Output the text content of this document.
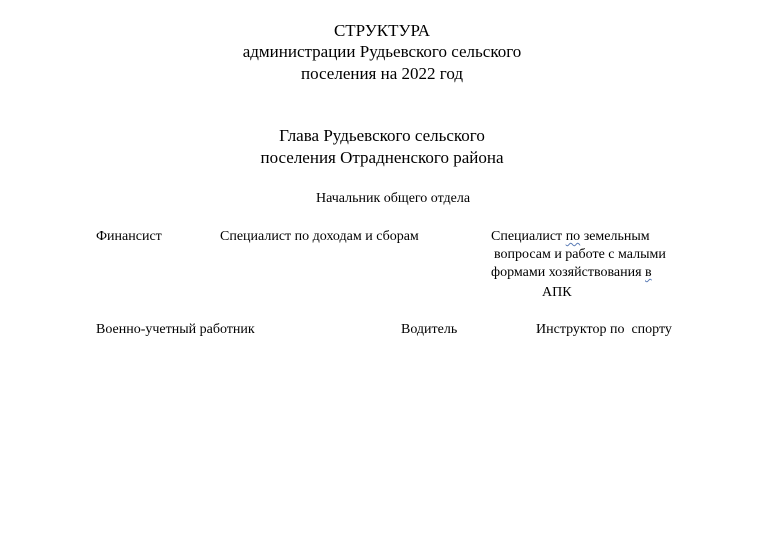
СТРУКТУРА
администрации Рудьевского сельского
поселения на 2022 год
Глава Рудьевского сельского
поселения Отрадненского района
Начальник общего отдела
Финансист	Специалист по доходам и сборам	Специалист по земельным
вопросам и работе с малыми
формами хозяйствования в
АПК
Военно-учетный работник	Водитель	Инструктор по  спорту
